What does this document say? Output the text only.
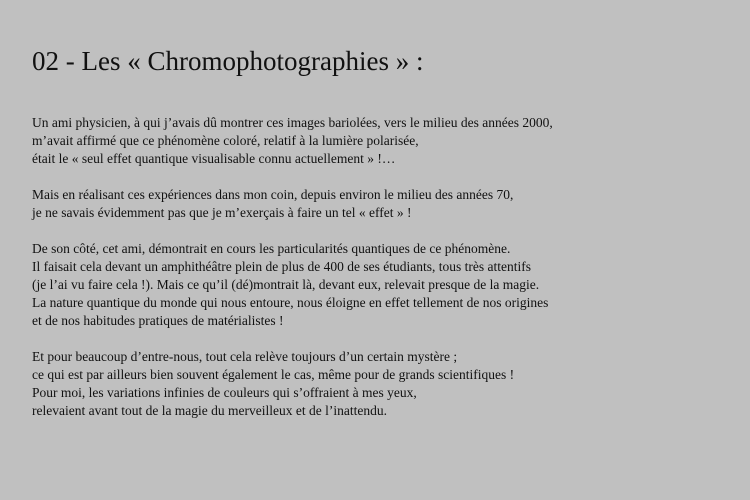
02 - Les « Chromophotographies » :

Un ami physicien, à qui j’avais dû montrer ces images bariolées, vers le milieu des années 2000,
m’avait affirmé que ce phénomène coloré, relatif à la lumière polarisée,
était le « seul effet quantique visualisable connu actuellement » !…

Mais en réalisant ces expériences dans mon coin, depuis environ le milieu des années 70,
je ne savais évidemment pas que je m’exerçais à faire un tel « effet » !

De son côté, cet ami, démontrait en cours les particularités quantiques de ce phénomène.
Il faisait cela devant un amphithéâtre plein de plus de 400 de ses étudiants, tous très attentifs
(je l’ai vu faire cela !). Mais ce qu’il (dé)montrait là, devant eux, relevait presque de la magie.
La nature quantique du monde qui nous entoure, nous éloigne en effet tellement de nos origines
et de nos habitudes pratiques de matérialistes !

Et pour beaucoup d’entre-nous, tout cela relève toujours d’un certain mystère ;
ce qui est par ailleurs bien souvent également le cas, même pour de grands scientifiques !
Pour moi, les variations infinies de couleurs qui s’offraient à mes yeux,
relevaient avant tout de la magie du merveilleux et de l’inattendu.
